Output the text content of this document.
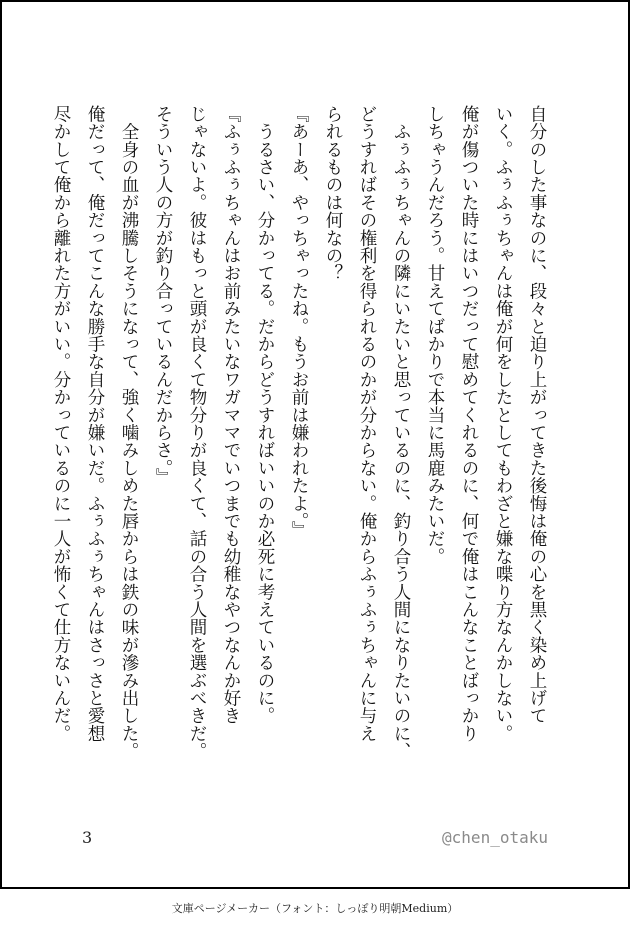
自分のした事なのに、段々と迫り上がってきた後悔は俺の心を黒く染め上げて
いく。ふぅふぅちゃんは俺が何をしたとしてもわざと嫌な喋り方なんかしない。
俺が傷ついた時にはいつだって慰めてくれるのに、何で俺はこんなことばっかり
しちゃうんだろう。甘えてばかりで本当に馬鹿みたいだ。
　ふぅふぅちゃんの隣にいたいと思っているのに、釣り合う人間になりたいのに、
どうすればその権利を得られるのかが分からない。俺からふぅふぅちゃんに与え
られるものは何なの？
『あーあ、やっちゃったね。もうお前は嫌われたよ。』
　うるさい、分かってる。だからどうすればいいのか必死に考えているのに。
『ふぅふぅちゃんはお前みたいなワガママでいつまでも幼稚なやつなんか好き
じゃないよ。彼はもっと頭が良くて物分りが良くて、話の合う人間を選ぶべきだ。
そういう人の方が釣り合っているんだからさ。』
　全身の血が沸騰しそうになって、強く噛みしめた唇からは鉄の味が滲み出した。
俺だって、俺だってこんな勝手な自分が嫌いだ。ふぅふぅちゃんはさっさと愛想
尽かして俺から離れた方がいい。分かっているのに一人が怖くて仕方ないんだ。
3	@chen_otaku
文庫ページメーカー（フォント：しっぽり明朝Medium）
